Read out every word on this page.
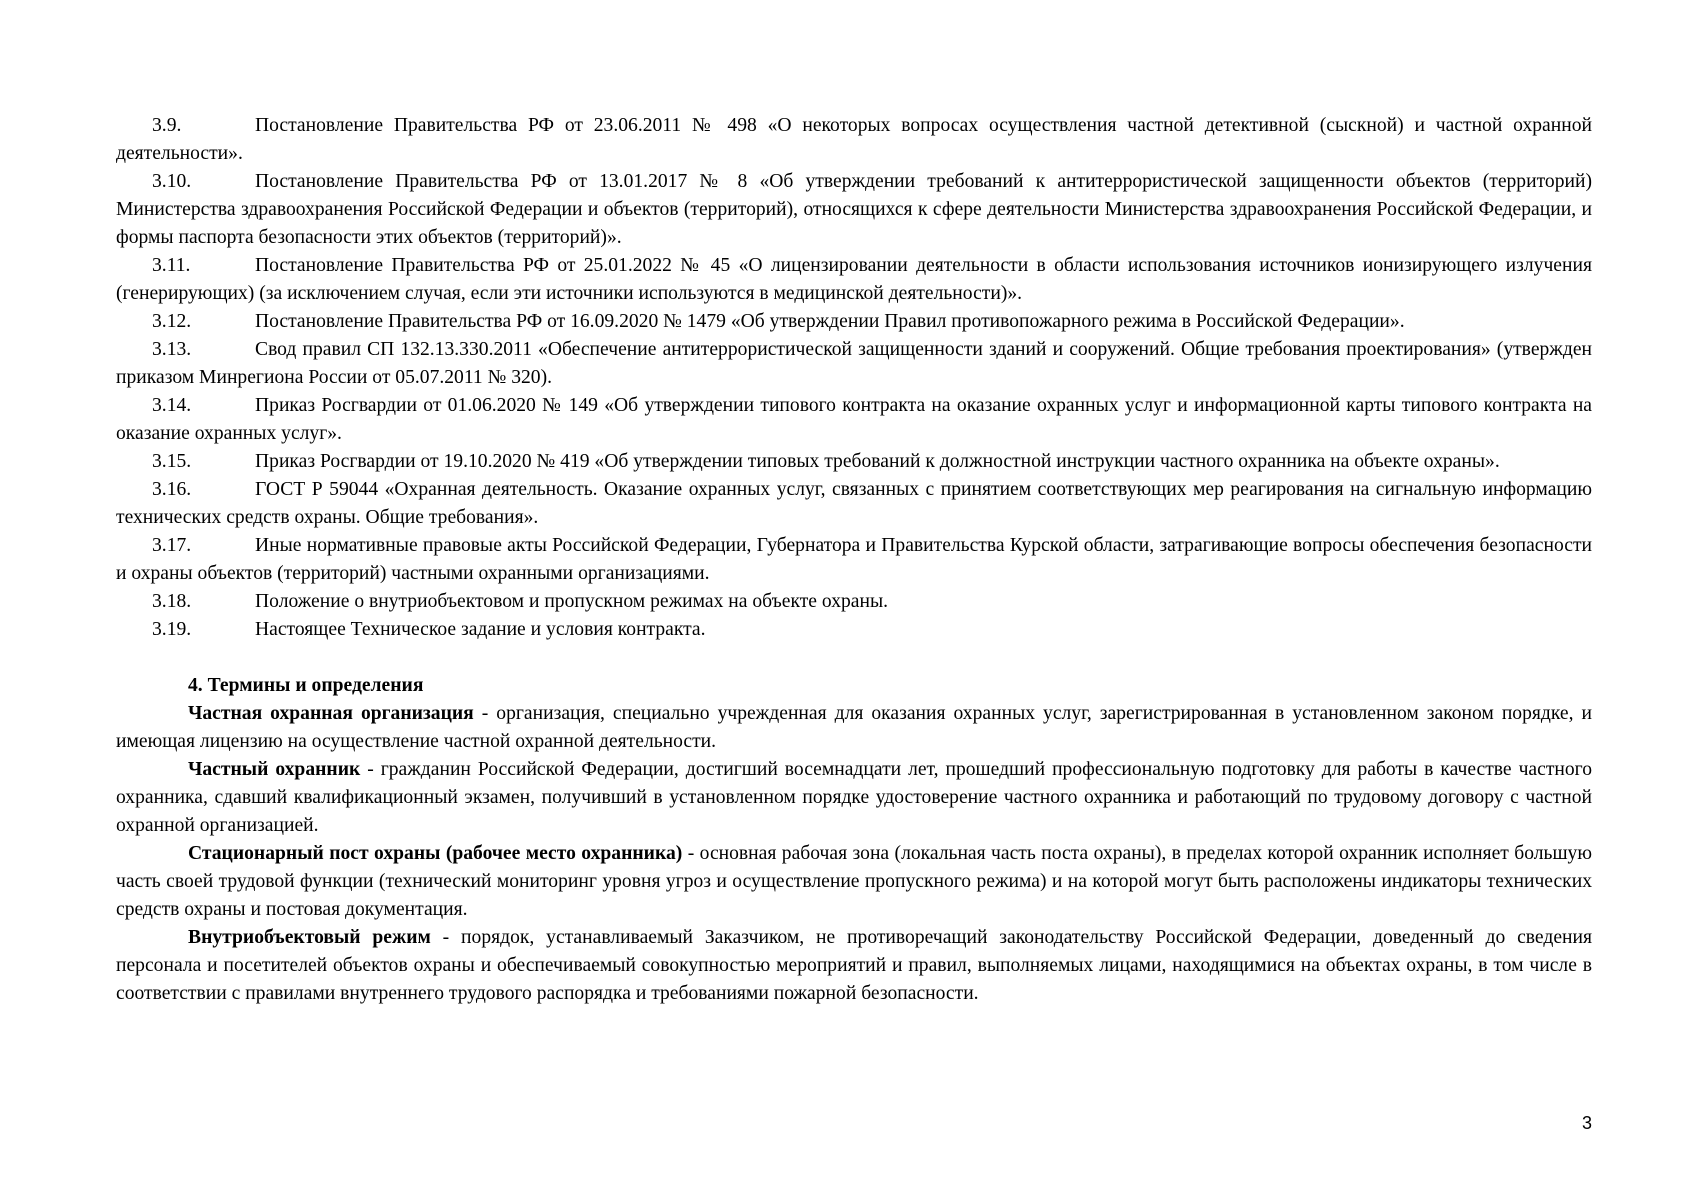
3.9.	Постановление Правительства РФ от 23.06.2011 № 498 «О некоторых вопросах осуществления частной детективной (сыскной) и частной охранной деятельности».

3.10.	Постановление Правительства РФ от 13.01.2017 № 8 «Об утверждении требований к антитеррористической защищенности объектов (территорий) Министерства здравоохранения Российской Федерации и объектов (территорий), относящихся к сфере деятельности Министерства здравоохранения Российской Федерации, и формы паспорта безопасности этих объектов (территорий)».

3.11.	Постановление Правительства РФ от 25.01.2022 № 45 «О лицензировании деятельности в области использования источников ионизирующего излучения (генерирующих) (за исключением случая, если эти источники используются в медицинской деятельности)».

3.12.	Постановление Правительства РФ от 16.09.2020 № 1479 «Об утверждении Правил противопожарного режима в Российской Федерации».

3.13.	Свод правил СП 132.13.330.2011 «Обеспечение антитеррористической защищенности зданий и сооружений. Общие требования проектирования» (утвержден приказом Минрегиона России от 05.07.2011 № 320).

3.14.	Приказ Росгвардии от 01.06.2020 № 149 «Об утверждении типового контракта на оказание охранных услуг и информационной карты типового контракта на оказание охранных услуг».

3.15.	Приказ Росгвардии от 19.10.2020 № 419 «Об утверждении типовых требований к должностной инструкции частного охранника на объекте охраны».

3.16.	ГОСТ Р 59044 «Охранная деятельность. Оказание охранных услуг, связанных с принятием соответствующих мер реагирования на сигнальную информацию технических средств охраны. Общие требования».

3.17.	Иные нормативные правовые акты Российской Федерации, Губернатора и Правительства Курской области, затрагивающие вопросы обеспечения безопасности и охраны объектов (территорий) частными охранными организациями.

3.18.	Положение о внутриобъектовом и пропускном режимах на объекте охраны.

3.19.	Настоящее Техническое задание и условия контракта.

4. Термины и определения

Частная охранная организация - организация, специально учрежденная для оказания охранных услуг, зарегистрированная в установленном законом порядке, и имеющая лицензию на осуществление частной охранной деятельности.

Частный охранник - гражданин Российской Федерации, достигший восемнадцати лет, прошедший профессиональную подготовку для работы в качестве частного охранника, сдавший квалификационный экзамен, получивший в установленном порядке удостоверение частного охранника и работающий по трудовому договору с частной охранной организацией.

Стационарный пост охраны (рабочее место охранника) - основная рабочая зона (локальная часть поста охраны), в пределах которой охранник исполняет большую часть своей трудовой функции (технический мониторинг уровня угроз и осуществление пропускного режима) и на которой могут быть расположены индикаторы технических средств охраны и постовая документация.

Внутриобъектовый режим - порядок, устанавливаемый Заказчиком, не противоречащий законодательству Российской Федерации, доведенный до сведения персонала и посетителей объектов охраны и обеспечиваемый совокупностью мероприятий и правил, выполняемых лицами, находящимися на объектах охраны, в том числе в соответствии с правилами внутреннего трудового распорядка и требованиями пожарной безопасности.

3
